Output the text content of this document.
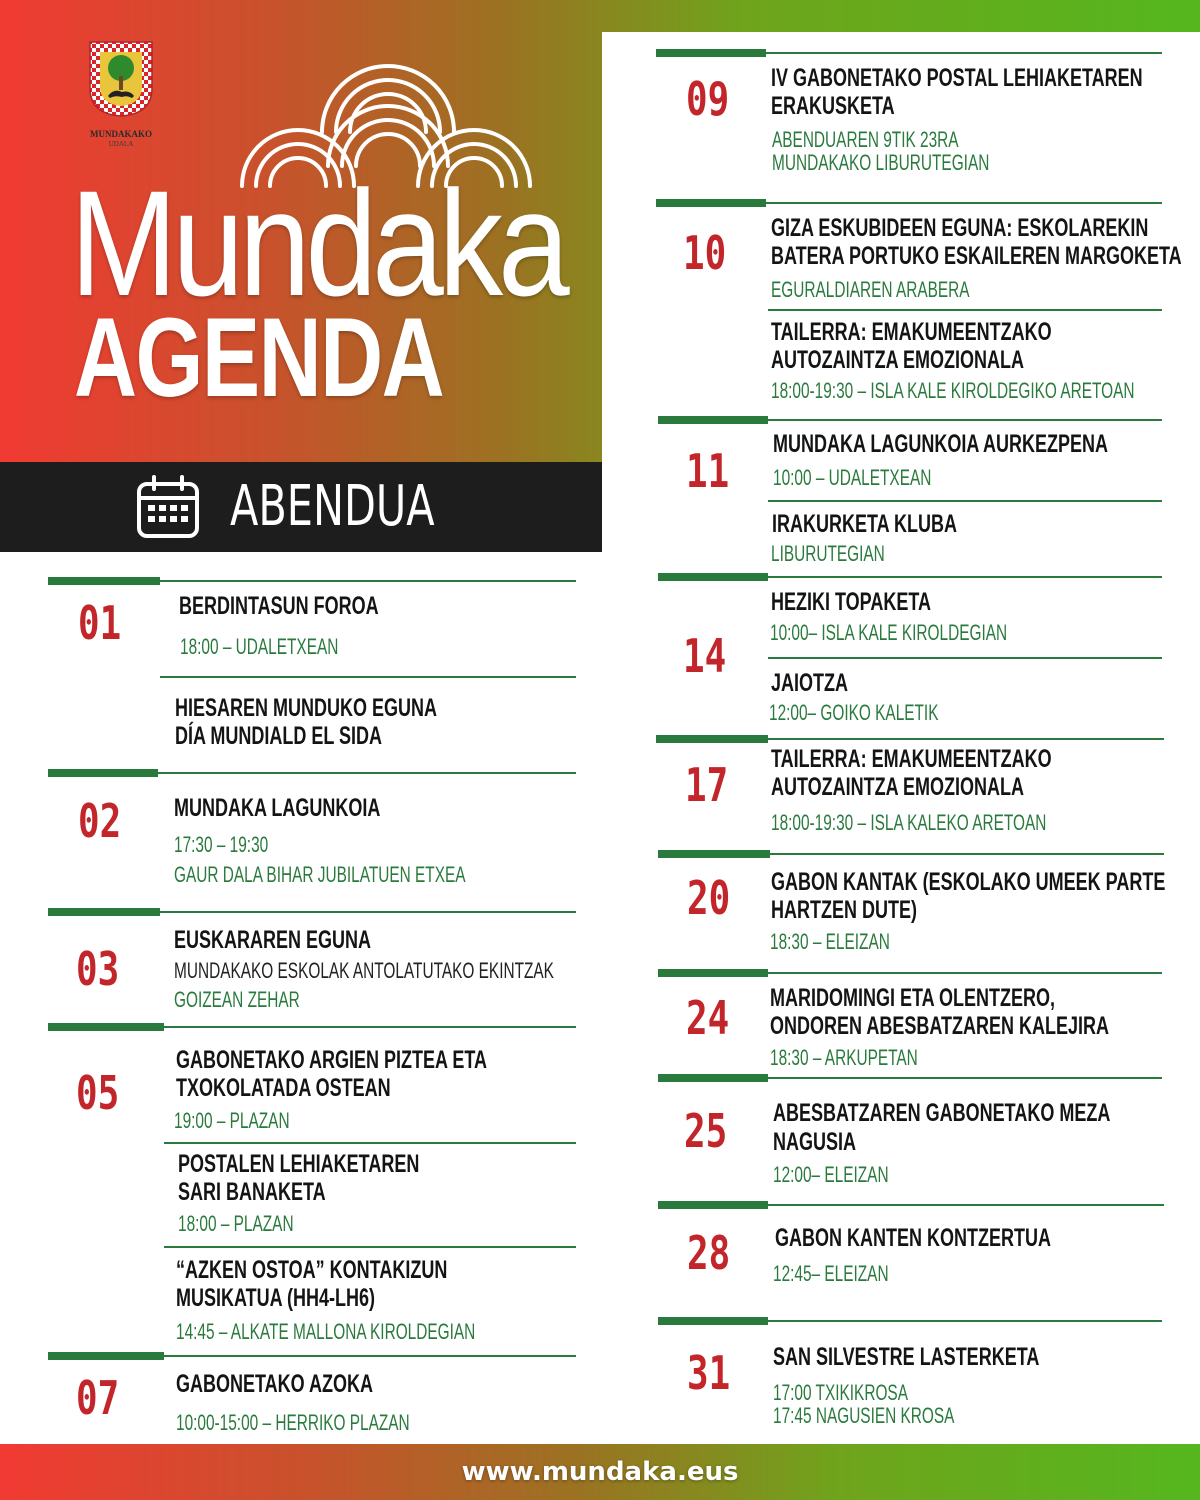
MUNDAKAKO
UDALA
Mundaka
AGENDA
ABENDUA
01 BERDINTASUN FOROA
18:00 – UDALETXEAN
HIESAREN MUNDUKO EGUNA
DÍA MUNDIALD EL SIDA
02 MUNDAKA LAGUNKOIA
17:30 – 19:30
GAUR DALA BIHAR JUBILATUEN ETXEA
03
EUSKARAREN EGUNA
MUNDAKAKO ESKOLAK ANTOLATUTAKO EKINTZAK
GOIZEAN ZEHAR
05
GABONETAKO ARGIEN PIZTEA ETA
TXOKOLATADA OSTEAN
19:00 – PLAZAN
POSTALEN LEHIAKETAREN
SARI BANAKETA
18:00 – PLAZAN
“AZKEN OSTOA” KONTAKIZUN
MUSIKATUA (HH4-LH6)
14:45 – ALKATE MALLONA KIROLDEGIAN
07 GABONETAKO AZOKA
10:00-15:00 – HERRIKO PLAZAN
09 IV GABONETAKO POSTAL LEHIAKETAREN
ERAKUSKETA
ABENDUAREN 9TIK 23RA
MUNDAKAKO LIBURUTEGIAN
10 GIZA ESKUBIDEEN EGUNA: ESKOLAREKIN
BATERA PORTUKO ESKAILEREN MARGOKETA
EGURALDIAREN ARABERA
TAILERRA: EMAKUMEENTZAKO
AUTOZAINTZA EMOZIONALA
18:00-19:30 – ISLA KALE KIROLDEGIKO ARETOAN
11 MUNDAKA LAGUNKOIA AURKEZPENA
10:00 – UDALETXEAN
IRAKURKETA KLUBA
LIBURUTEGIAN
14
HEZIKI TOPAKETA
10:00– ISLA KALE KIROLDEGIAN
JAIOTZA
12:00– GOIKO KALETIK
17 TAILERRA: EMAKUMEENTZAKO
AUTOZAINTZA EMOZIONALA
18:00-19:30 – ISLA KALEKO ARETOAN
20 GABON KANTAK (ESKOLAKO UMEEK PARTE
HARTZEN DUTE)
18:30 – ELEIZAN
24 MARIDOMINGI ETA OLENTZERO,
ONDOREN ABESBATZAREN KALEJIRA
18:30 – ARKUPETAN
25 ABESBATZAREN GABONETAKO MEZA
NAGUSIA
12:00– ELEIZAN
28 GABON KANTEN KONTZERTUA
12:45– ELEIZAN
31 SAN SILVESTRE LASTERKETA
17:00 TXIKIKROSA
17:45 NAGUSIEN KROSA
www.mundaka.eus
